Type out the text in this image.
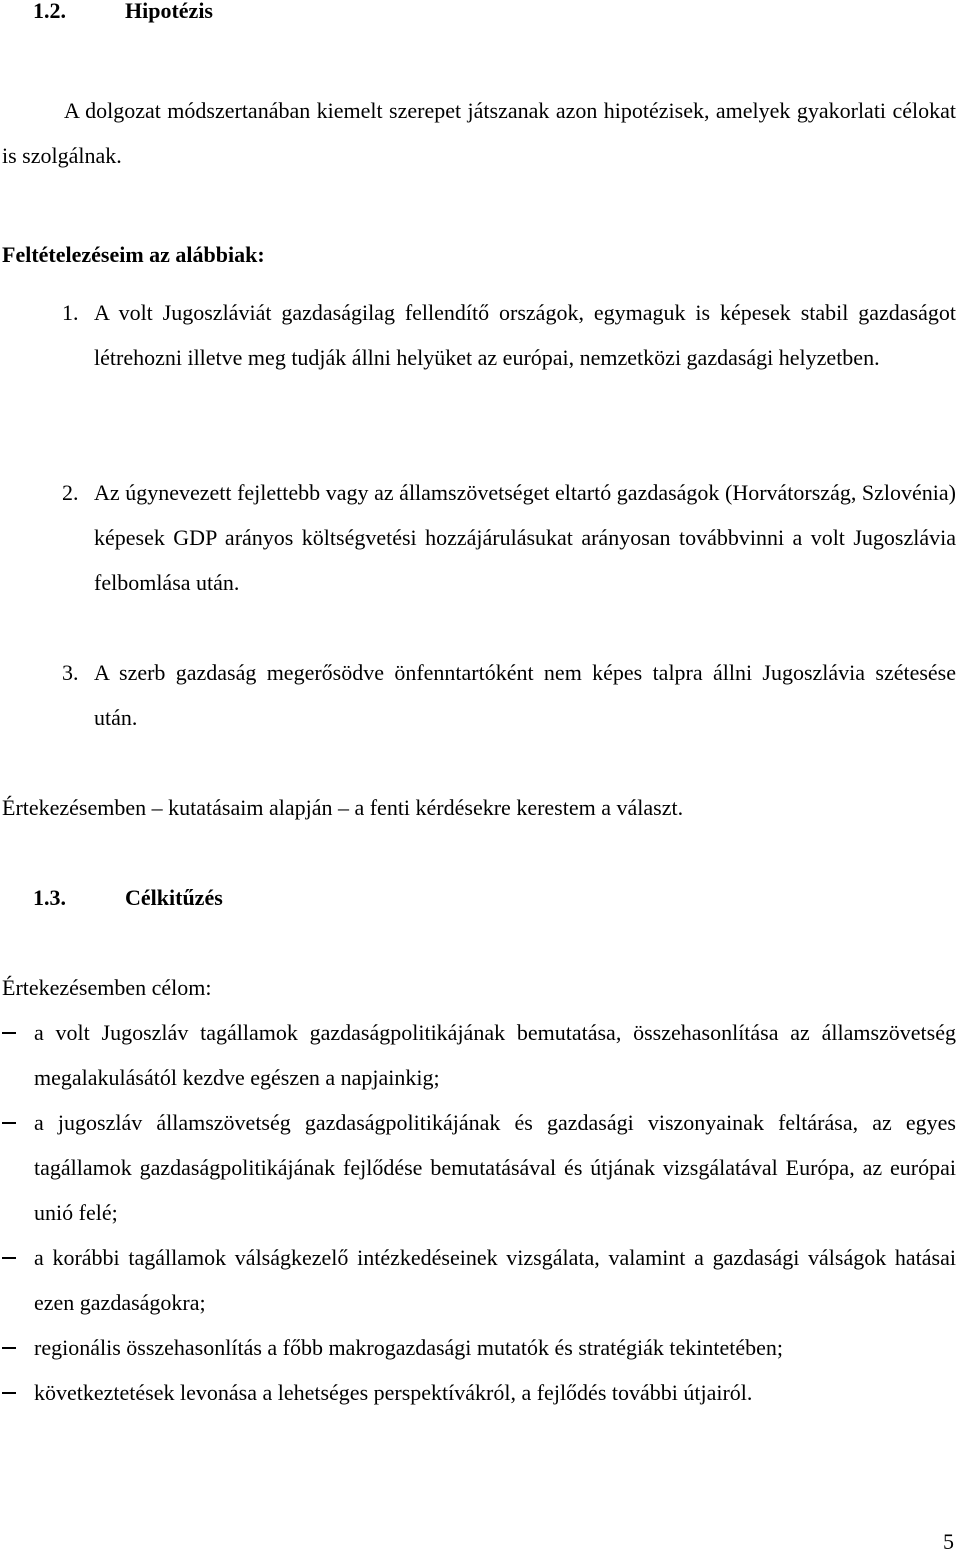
1.2.	Hipotézis
A dolgozat módszertanában kiemelt szerepet játszanak azon hipotézisek, amelyek gyakorlati célokat is szolgálnak.
Feltételezéseim az alábbiak:
1. A volt Jugoszláviát gazdaságilag fellendítő országok, egymaguk is képesek stabil gazdaságot létrehozni illetve meg tudják állni helyüket az európai, nemzetközi gazdasági helyzetben.
2. Az úgynevezett fejlettebb vagy az államszövetséget eltartó gazdaságok (Horvátország, Szlovénia) képesek GDP arányos költségvetési hozzájárulásukat arányosan továbbvinni a volt Jugoszlávia felbomlása után.
3. A szerb gazdaság megerősödve önfenntartóként nem képes talpra állni Jugoszlávia szétesése után.
Értekezésemben – kutatásaim alapján – a fenti kérdésekre kerestem a választ.
1.3.	Célkitűzés
Értekezésemben célom:
a volt Jugoszláv tagállamok gazdaságpolitikájának bemutatása, összehasonlítása az államszövetség megalakulásától kezdve egészen a napjainkig;
a jugoszláv államszövetség gazdaságpolitikájának és gazdasági viszonyainak feltárása, az egyes tagállamok gazdaságpolitikájának fejlődése bemutatásával és útjának vizsgálatával Európa, az európai unió felé;
a korábbi tagállamok válságkezelő intézkedéseinek vizsgálata, valamint a gazdasági válságok hatásai ezen gazdaságokra;
regionális összehasonlítás a főbb makrogazdasági mutatók és stratégiák tekintetében;
következtetések levonása a lehetséges perspektívákról, a fejlődés további útjairól.
5
